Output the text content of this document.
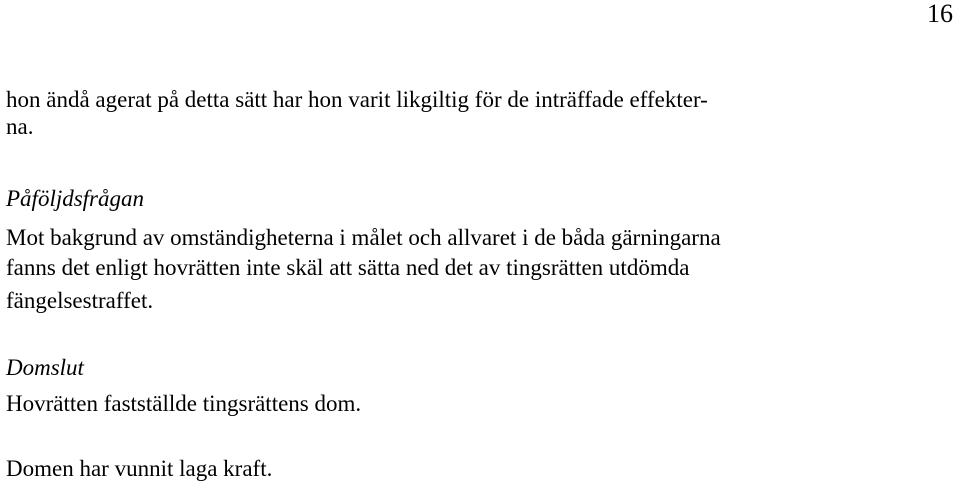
16
hon ändå agerat på detta sätt har hon varit likgiltig för de inträffade effekter-
na.
Påföljdsfrågan
Mot bakgrund av omständigheterna i målet och allvaret i de båda gärningarna
fanns det enligt hovrätten inte skäl att sätta ned det av tingsrätten utdömda
fängelsestraffet.
Domslut
Hovrätten fastställde tingsrättens dom.
Domen har vunnit laga kraft.
